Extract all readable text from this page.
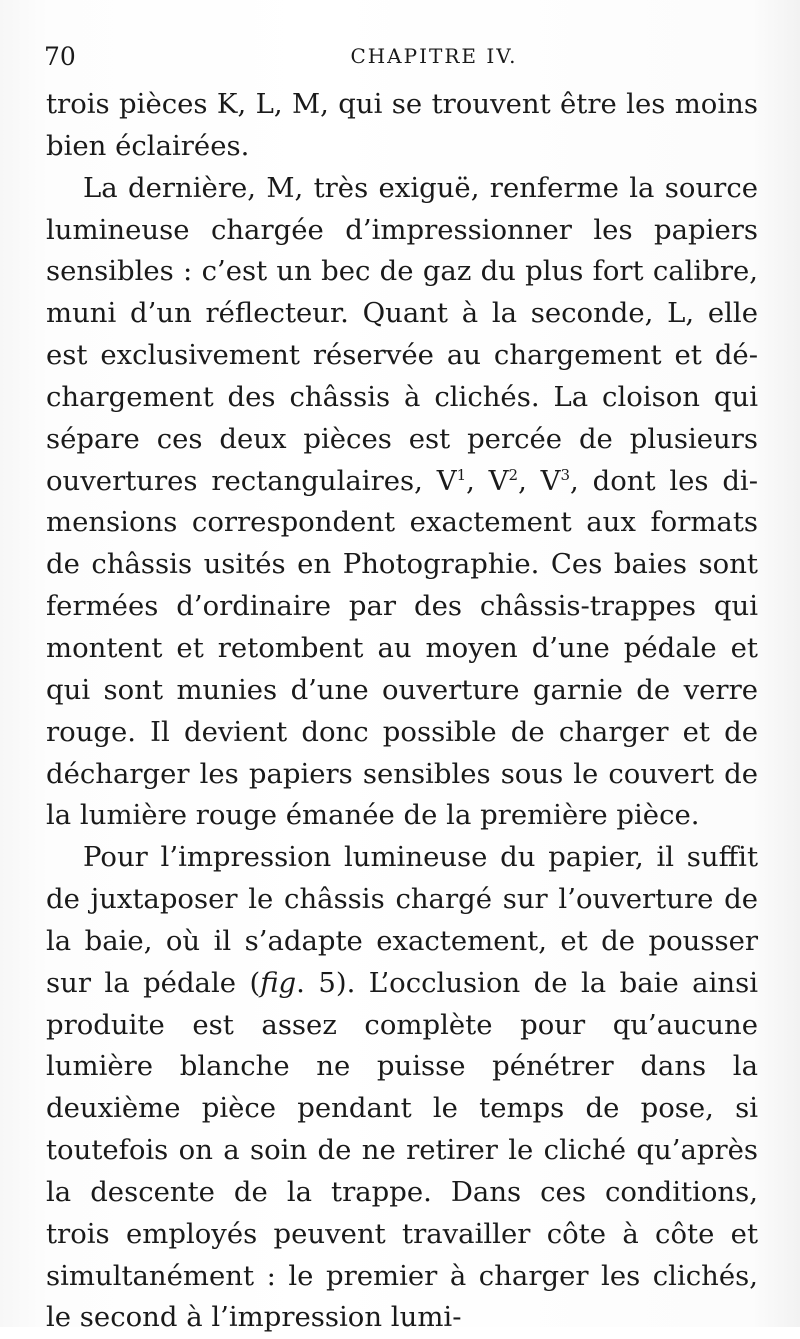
70	CHAPITRE IV.

trois pièces K, L, M, qui se trouvent être les moins bien éclairées.

La dernière, M, très exiguë, renferme la source lumineuse chargée d’impressionner les papiers sensibles : c’est un bec de gaz du plus fort calibre, muni d’un réflecteur. Quant à la seconde, L, elle est exclusivement réservée au chargement et déchargement des châssis à clichés. La cloison qui sépare ces deux pièces est percée de plusieurs ouvertures rectangulaires, $V^1$, $V^2$, $V^3$, dont les dimensions correspondent exactement aux formats de châssis usités en Photographie. Ces baies sont fermées d’ordinaire par des châssis-trappes qui montent et retombent au moyen d’une pédale et qui sont munies d’une ouverture garnie de verre rouge. Il devient donc possible de charger et de décharger les papiers sensibles sous le couvert de la lumière rouge émanée de la première pièce.

Pour l’impression lumineuse du papier, il suffit de juxtaposer le châssis chargé sur l’ouverture de la baie, où il s’adapte exactement, et de pousser sur la pédale (fig. 5). L’occlusion de la baie ainsi produite est assez complète pour qu’aucune lumière blanche ne puisse pénétrer dans la deuxième pièce pendant le temps de pose, si toutefois on a soin de ne retirer le cliché qu’après la descente de la trappe. Dans ces conditions, trois employés peuvent travailler côte à côte et simultanément : le premier à charger les clichés, le second à l’impression lumi-
